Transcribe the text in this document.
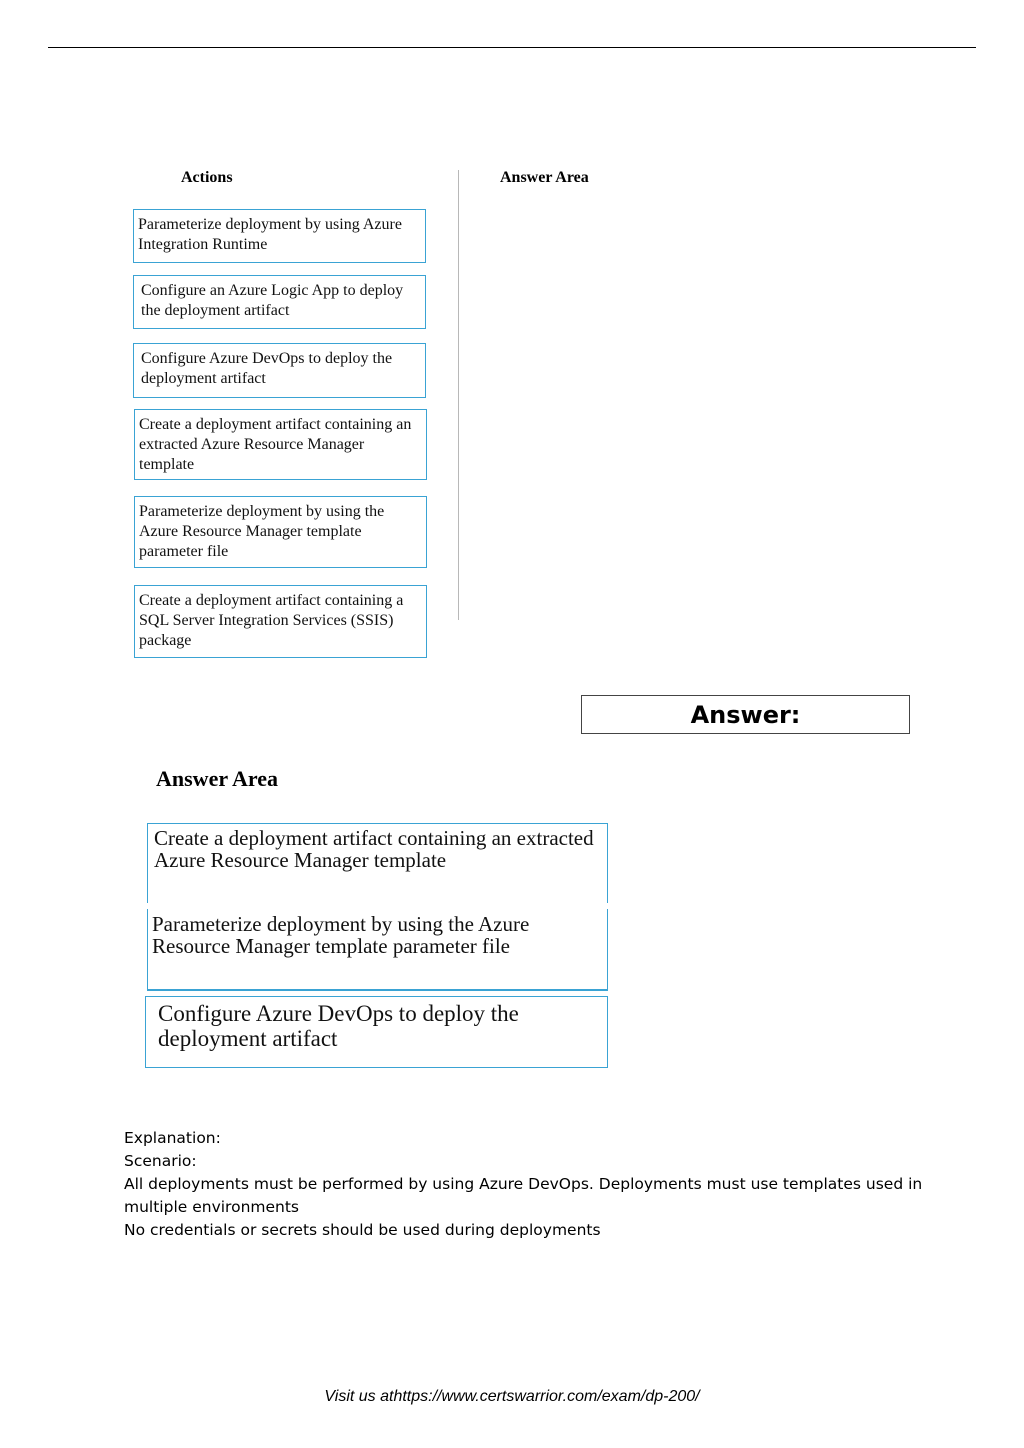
Actions	Answer Area
Parameterize deployment by using Azure Integration Runtime
Configure an Azure Logic App to deploy the deployment artifact
Configure Azure DevOps to deploy the deployment artifact
Create a deployment artifact containing an extracted Azure Resource Manager template
Parameterize deployment by using the Azure Resource Manager template parameter file
Create a deployment artifact containing a SQL Server Integration Services (SSIS) package
Answer:
Answer Area
Create a deployment artifact containing an extracted Azure Resource Manager template
Parameterize deployment by using the Azure Resource Manager template parameter file
Configure Azure DevOps to deploy the deployment artifact
Explanation:
Scenario:
All deployments must be performed by using Azure DevOps. Deployments must use templates used in multiple environments
No credentials or secrets should be used during deployments
Visit us athttps://www.certswarrior.com/exam/dp-200/
